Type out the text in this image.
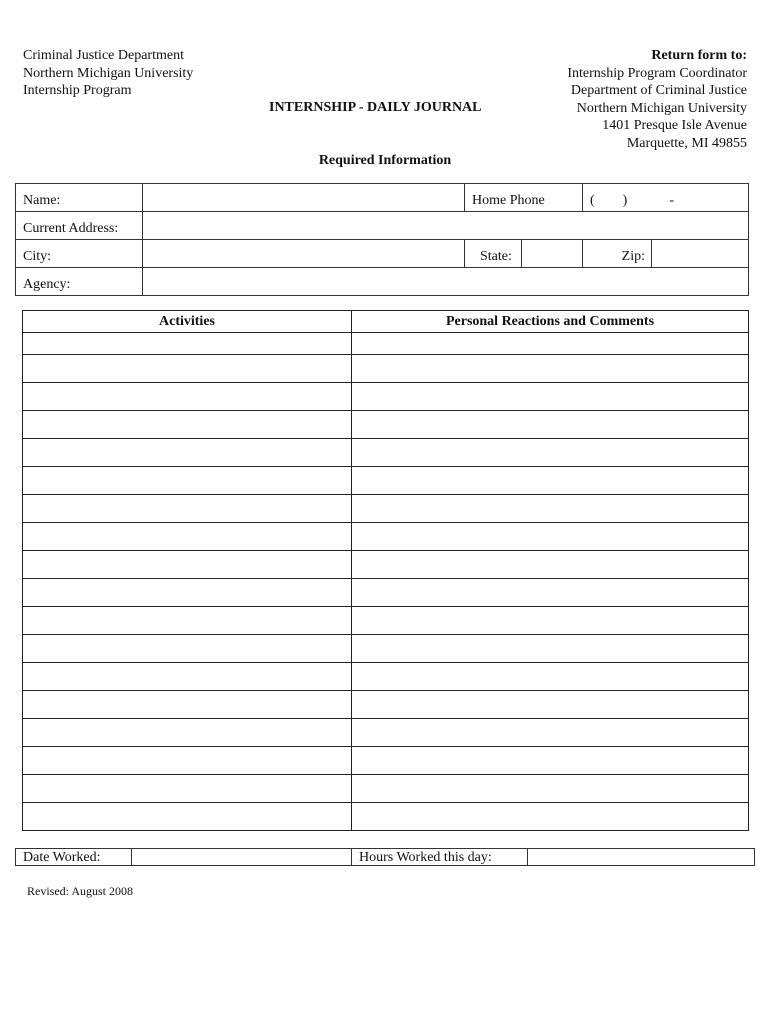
Criminal Justice Department
Northern Michigan University
Internship Program
Return form to:
Internship Program Coordinator
Department of Criminal Justice
Northern Michigan University
1401 Presque Isle Avenue
Marquette, MI 49855
INTERNSHIP - DAILY JOURNAL
Required Information
Name:	Home Phone	(        )            -
Current Address:
City:	State:	Zip:
Agency:
Activities	Personal Reactions and Comments

Date Worked:	Hours Worked this day:
Revised: August 2008
